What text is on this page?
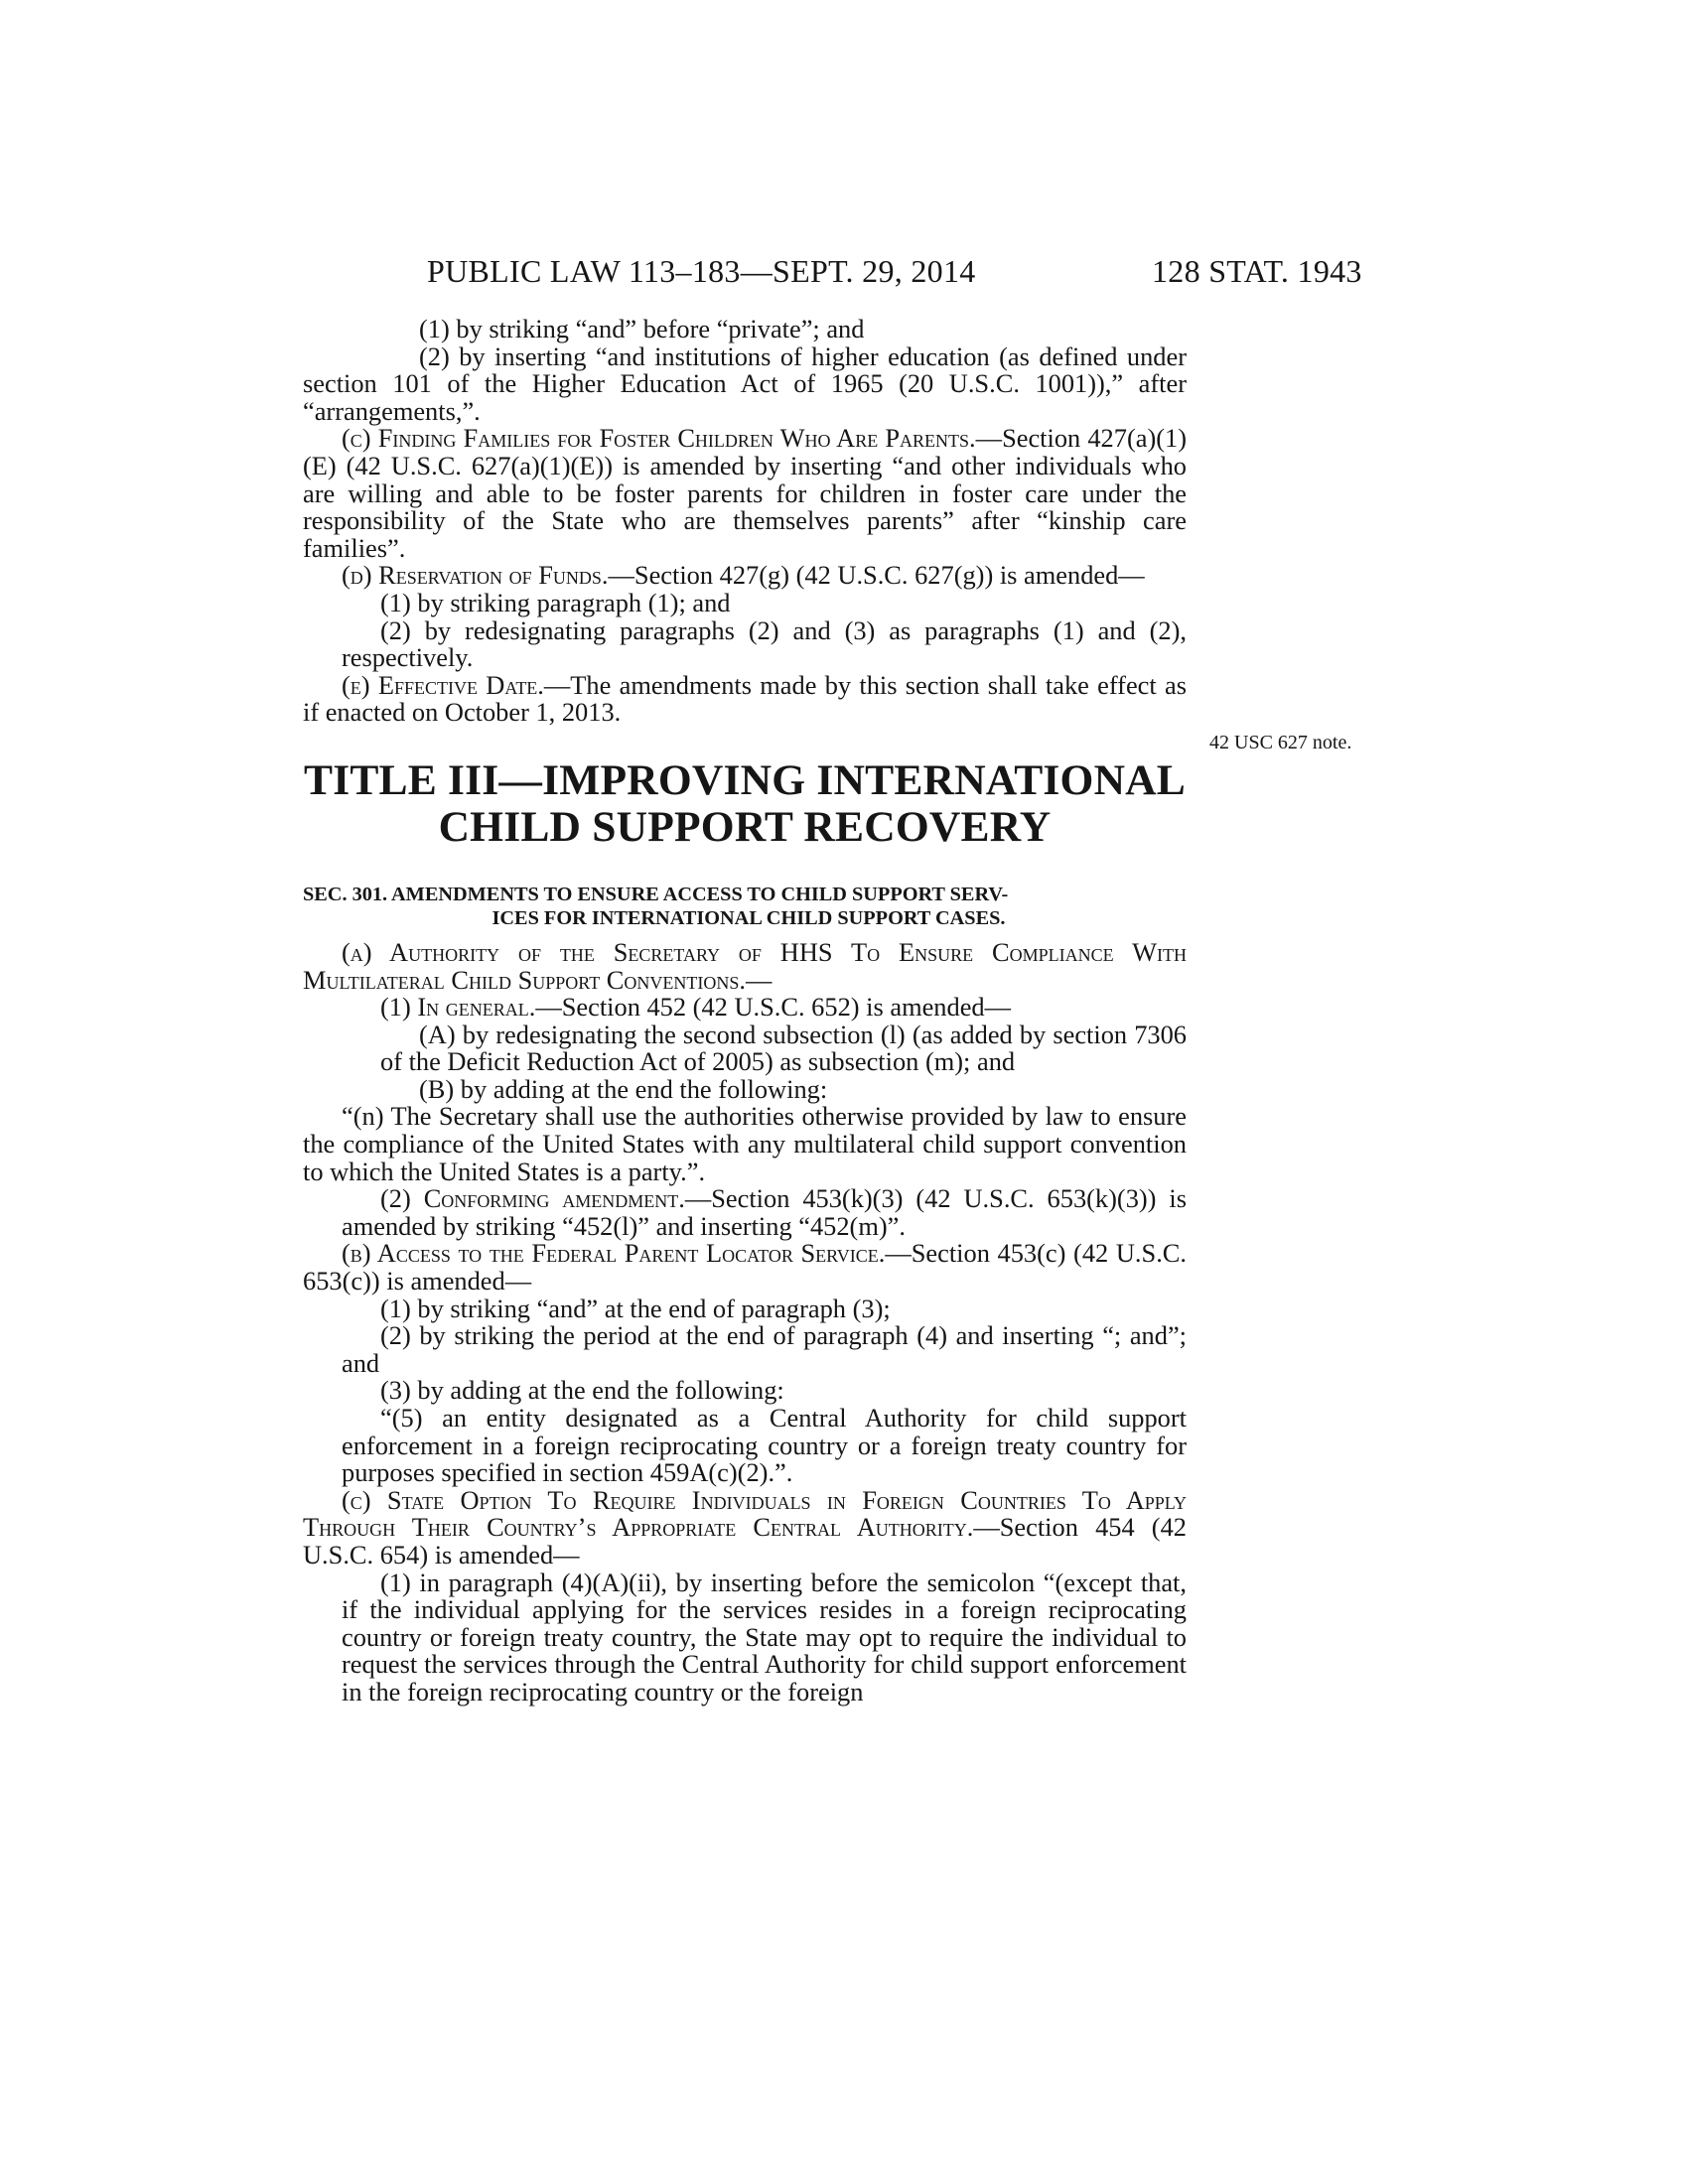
PUBLIC LAW 113–183—SEPT. 29, 2014	128 STAT. 1943
42 USC 627 note.

(1) by striking “and” before “private”; and

(2) by inserting “and institutions of higher education (as defined under section 101 of the Higher Education Act of 1965 (20 U.S.C. 1001)),” after “arrangements,”.

(c) Finding Families for Foster Children Who Are Parents.—Section 427(a)(1)(E) (42 U.S.C. 627(a)(1)(E)) is amended by inserting “and other individuals who are willing and able to be foster parents for children in foster care under the responsibility of the State who are themselves parents” after “kinship care families”.

(d) Reservation of Funds.—Section 427(g) (42 U.S.C. 627(g)) is amended—

(1) by striking paragraph (1); and

(2) by redesignating paragraphs (2) and (3) as paragraphs (1) and (2), respectively.

(e) Effective Date.—The amendments made by this section shall take effect as if enacted on October 1, 2013.

TITLE III—IMPROVING INTERNATIONAL
CHILD SUPPORT RECOVERY
SEC. 301. AMENDMENTS TO ENSURE ACCESS TO CHILD SUPPORT SERV-
ICES FOR INTERNATIONAL CHILD SUPPORT CASES.

(a) Authority of the Secretary of HHS To Ensure Compliance With Multilateral Child Support Conventions.—

(1) In general.—Section 452 (42 U.S.C. 652) is amended—

(A) by redesignating the second subsection (l) (as added by section 7306 of the Deficit Reduction Act of 2005) as subsection (m); and

(B) by adding at the end the following:

“(n) The Secretary shall use the authorities otherwise provided by law to ensure the compliance of the United States with any multilateral child support convention to which the United States is a party.”.

(2) Conforming amendment.—Section 453(k)(3) (42 U.S.C. 653(k)(3)) is amended by striking “452(l)” and inserting “452(m)”.

(b) Access to the Federal Parent Locator Service.—Section 453(c) (42 U.S.C. 653(c)) is amended—

(1) by striking “and” at the end of paragraph (3);

(2) by striking the period at the end of paragraph (4) and inserting “; and”; and

(3) by adding at the end the following:

“(5) an entity designated as a Central Authority for child support enforcement in a foreign reciprocating country or a foreign treaty country for purposes specified in section 459A(c)(2).”.

(c) State Option To Require Individuals in Foreign Countries To Apply Through Their Country’s Appropriate Central Authority.—Section 454 (42 U.S.C. 654) is amended—

(1) in paragraph (4)(A)(ii), by inserting before the semicolon “(except that, if the individual applying for the services resides in a foreign reciprocating country or foreign treaty country, the State may opt to require the individual to request the services through the Central Authority for child support enforcement in the foreign reciprocating country or the foreign
